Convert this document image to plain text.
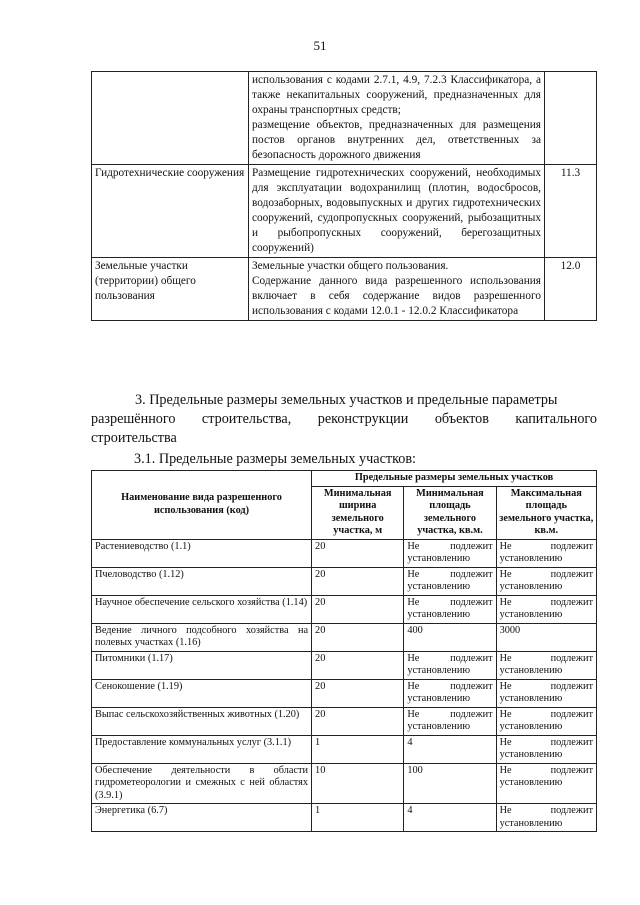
51

	использования с кодами 2.7.1, 4.9, 7.2.3 Классификатора, а также некапитальных сооружений, предназначенных для охраны транспортных средств;
размещение объектов, предназначенных для размещения постов органов внутренних дел, ответственных за безопасность дорожного движения	

Гидротехнические сооружения	Размещение гидротехнических сооружений, необходимых для эксплуатации водохранилищ (плотин, водосбросов, водозаборных, водовыпускных и других гидротехнических сооружений, судопропускных сооружений, рыбозащитных и рыбопропускных сооружений, берегозащитных сооружений)	11.3
Земельные участки (территории) общего пользования	Земельные участки общего пользования.
Содержание данного вида разрешенного использования включает в себя содержание видов разрешенного использования с кодами 12.0.1 - 12.0.2 Классификатора	12.0
3. Предельные размеры земельных участков и предельные параметры
разрешённого строительства, реконструкции объектов капитального
строительства
3.1. Предельные размеры земельных участков:
Наименование вида разрешенного использования (код)	Предельные размеры земельных участков		
	Минимальная ширина земельного участка, м	Минимальная площадь земельного участка, кв.м.	Максимальная площадь земельного участка, кв.м.
Растениеводство (1.1)	20	Не подлежит установлению	Не подлежит установлению
Пчеловодство (1.12)	20	Не подлежит установлению	Не подлежит установлению
Научное обеспечение сельского хозяйства (1.14)	20	Не подлежит установлению	Не подлежит установлению
Ведение личного подсобного хозяйства на полевых участках (1.16)	20	400	3000
Питомники (1.17)	20	Не подлежит установлению	Не подлежит установлению
Сенокошение (1.19)	20	Не подлежит установлению	Не подлежит установлению
Выпас сельскохозяйственных животных (1.20)	20	Не подлежит установлению	Не подлежит установлению
Предоставление коммунальных услуг (3.1.1)	1	4	Не подлежит установлению
Обеспечение деятельности в области гидрометеорологии и смежных с ней областях (3.9.1)	10	100	Не подлежит установлению
Энергетика (6.7)	1	4	Не подлежит установлению
